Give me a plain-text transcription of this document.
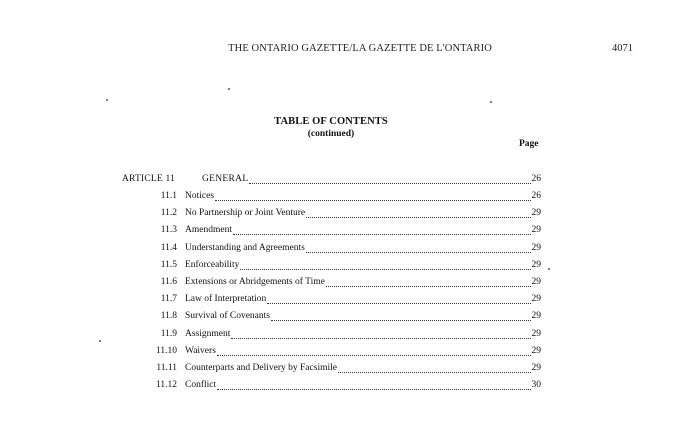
THE ONTARIO GAZETTE/LA GAZETTE DE L'ONTARIO	4071
TABLE OF CONTENTS
(continued)
Page
ARTICLE 11	GENERAL	26
11.1 Notices	26
11.2 No Partnership or Joint Venture	29
11.3 Amendment	29
11.4 Understanding and Agreements	29
11.5 Enforceability	29
11.6 Extensions or Abridgements of Time	29
11.7 Law of Interpretation	29
11.8 Survival of Covenants	29
11.9 Assignment	29
11.10 Waivers	29
11.11 Counterparts and Delivery by Facsimile	29
11.12 Conflict	30
